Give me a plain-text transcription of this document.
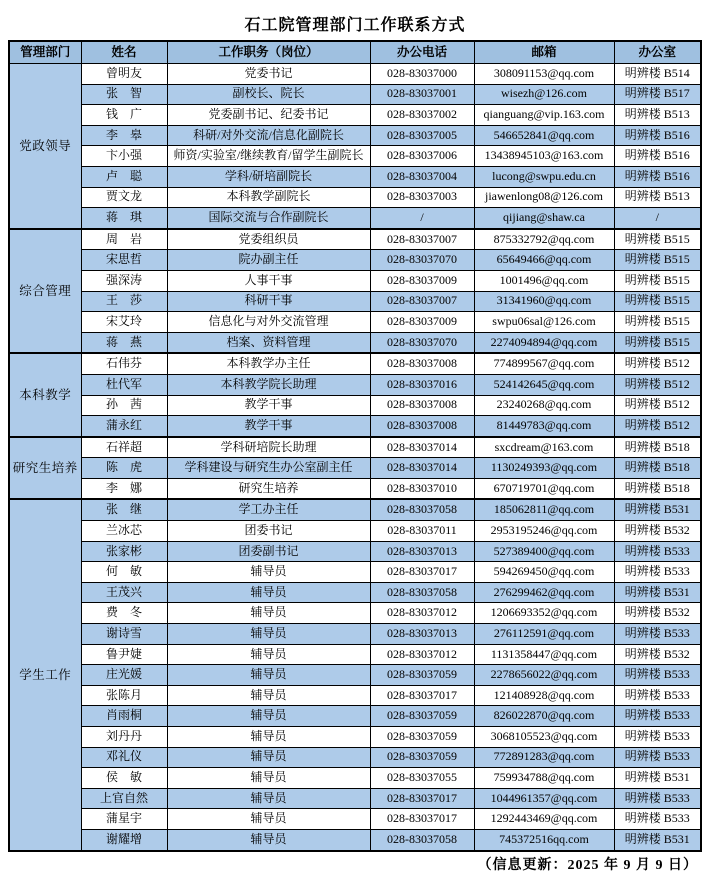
石工院管理部门工作联系方式
管理部门	姓名	工作职务（岗位）	办公电话	邮箱	办公室
党政领导	曾明友	党委书记	028-83037000	308091153@qq.com	明辨楼 B514
	张　智	副校长、院长	028-83037001	wisezh@126.com	明辨楼 B517
	钱　广	党委副书记、纪委书记	028-83037002	qianguang@vip.163.com	明辨楼 B513
	李　皋	科研/对外交流/信息化副院长	028-83037005	546652841@qq.com	明辨楼 B516
	卞小强	师资/实验室/继续教育/留学生副院长	028-83037006	13438945103@163.com	明辨楼 B516
	卢　聪	学科/研培副院长	028-83037004	lucong@swpu.edu.cn	明辨楼 B516
	贾文龙	本科教学副院长	028-83037003	jiawenlong08@126.com	明辨楼 B513
	蒋　琪	国际交流与合作副院长	/	qijiang@shaw.ca	/
综合管理	周　岩	党委组织员	028-83037007	875332792@qq.com	明辨楼 B515
	宋思哲	院办副主任	028-83037070	65649466@qq.com	明辨楼 B515
	强深涛	人事干事	028-83037009	1001496@qq.com	明辨楼 B515
	王　莎	科研干事	028-83037007	31341960@qq.com	明辨楼 B515
	宋艾玲	信息化与对外交流管理	028-83037009	swpu06sal@126.com	明辨楼 B515
	蒋　燕	档案、资料管理	028-83037070	2274094894@qq.com	明辨楼 B515
本科教学	石伟芬	本科教学办主任	028-83037008	774899567@qq.com	明辨楼 B512
	杜代军	本科教学院长助理	028-83037016	524142645@qq.com	明辨楼 B512
	孙　茜	教学干事	028-83037008	23240268@qq.com	明辨楼 B512
	蒲永红	教学干事	028-83037008	81449783@qq.com	明辨楼 B512
研究生培养	石祥超	学科研培院长助理	028-83037014	sxcdream@163.com	明辨楼 B518
	陈　虎	学科建设与研究生办公室副主任	028-83037014	1130249393@qq.com	明辨楼 B518
	李　娜	研究生培养	028-83037010	670719701@qq.com	明辨楼 B518
学生工作	张　继	学工办主任	028-83037058	185062811@qq.com	明辨楼 B531
	兰冰芯	团委书记	028-83037011	2953195246@qq.com	明辨楼 B532
	张家彬	团委副书记	028-83037013	527389400@qq.com	明辨楼 B533
	何　敏	辅导员	028-83037017	594269450@qq.com	明辨楼 B533
	王茂兴	辅导员	028-83037058	276299462@qq.com	明辨楼 B531
	费　冬	辅导员	028-83037012	1206693352@qq.com	明辨楼 B532
	谢诗雪	辅导员	028-83037013	276112591@qq.com	明辨楼 B533
	鲁尹婕	辅导员	028-83037012	1131358447@qq.com	明辨楼 B532
	庄光媛	辅导员	028-83037059	2278656022@qq.com	明辨楼 B533
	张陈月	辅导员	028-83037017	121408928@qq.com	明辨楼 B533
	肖雨桐	辅导员	028-83037059	826022870@qq.com	明辨楼 B533
	刘丹丹	辅导员	028-83037059	3068105523@qq.com	明辨楼 B533
	邓礼仪	辅导员	028-83037059	772891283@qq.com	明辨楼 B533
	侯　敏	辅导员	028-83037055	759934788@qq.com	明辨楼 B531
	上官自然	辅导员	028-83037017	1044961357@qq.com	明辨楼 B533
	蒲星宇	辅导员	028-83037017	1292443469@qq.com	明辨楼 B533
	谢耀增	辅导员	028-83037058	745372516qq.com	明辨楼 B531
（信息更新：2025 年 9 月 9 日）
